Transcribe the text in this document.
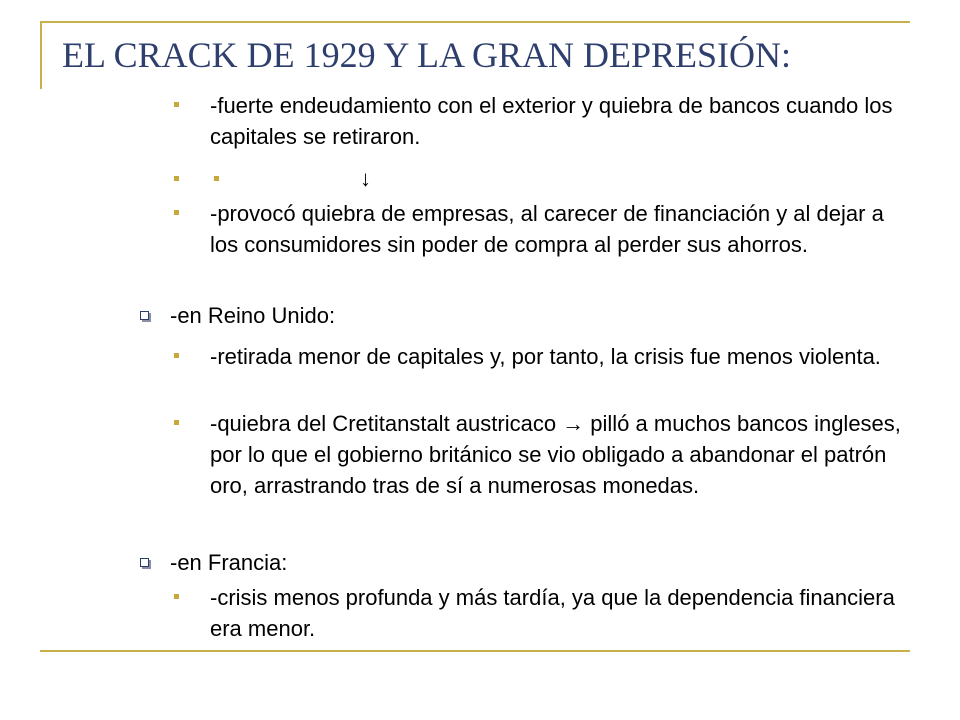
EL CRACK DE 1929 Y LA GRAN DEPRESIÓN:
-fuerte endeudamiento con el exterior y quiebra de bancos cuando los capitales se retiraron.
↓
-provocó quiebra de empresas, al carecer de financiación y al dejar a los consumidores sin poder de compra al perder sus ahorros.
-en Reino Unido:
-retirada menor de capitales y, por tanto, la crisis fue menos violenta.
-quiebra del Cretitanstalt austricaco → pilló a muchos bancos ingleses, por lo que el gobierno británico se vio obligado a abandonar el patrón oro, arrastrando tras de sí a numerosas monedas.
-en Francia:
-crisis menos profunda y más tardía, ya que la dependencia financiera era menor.
